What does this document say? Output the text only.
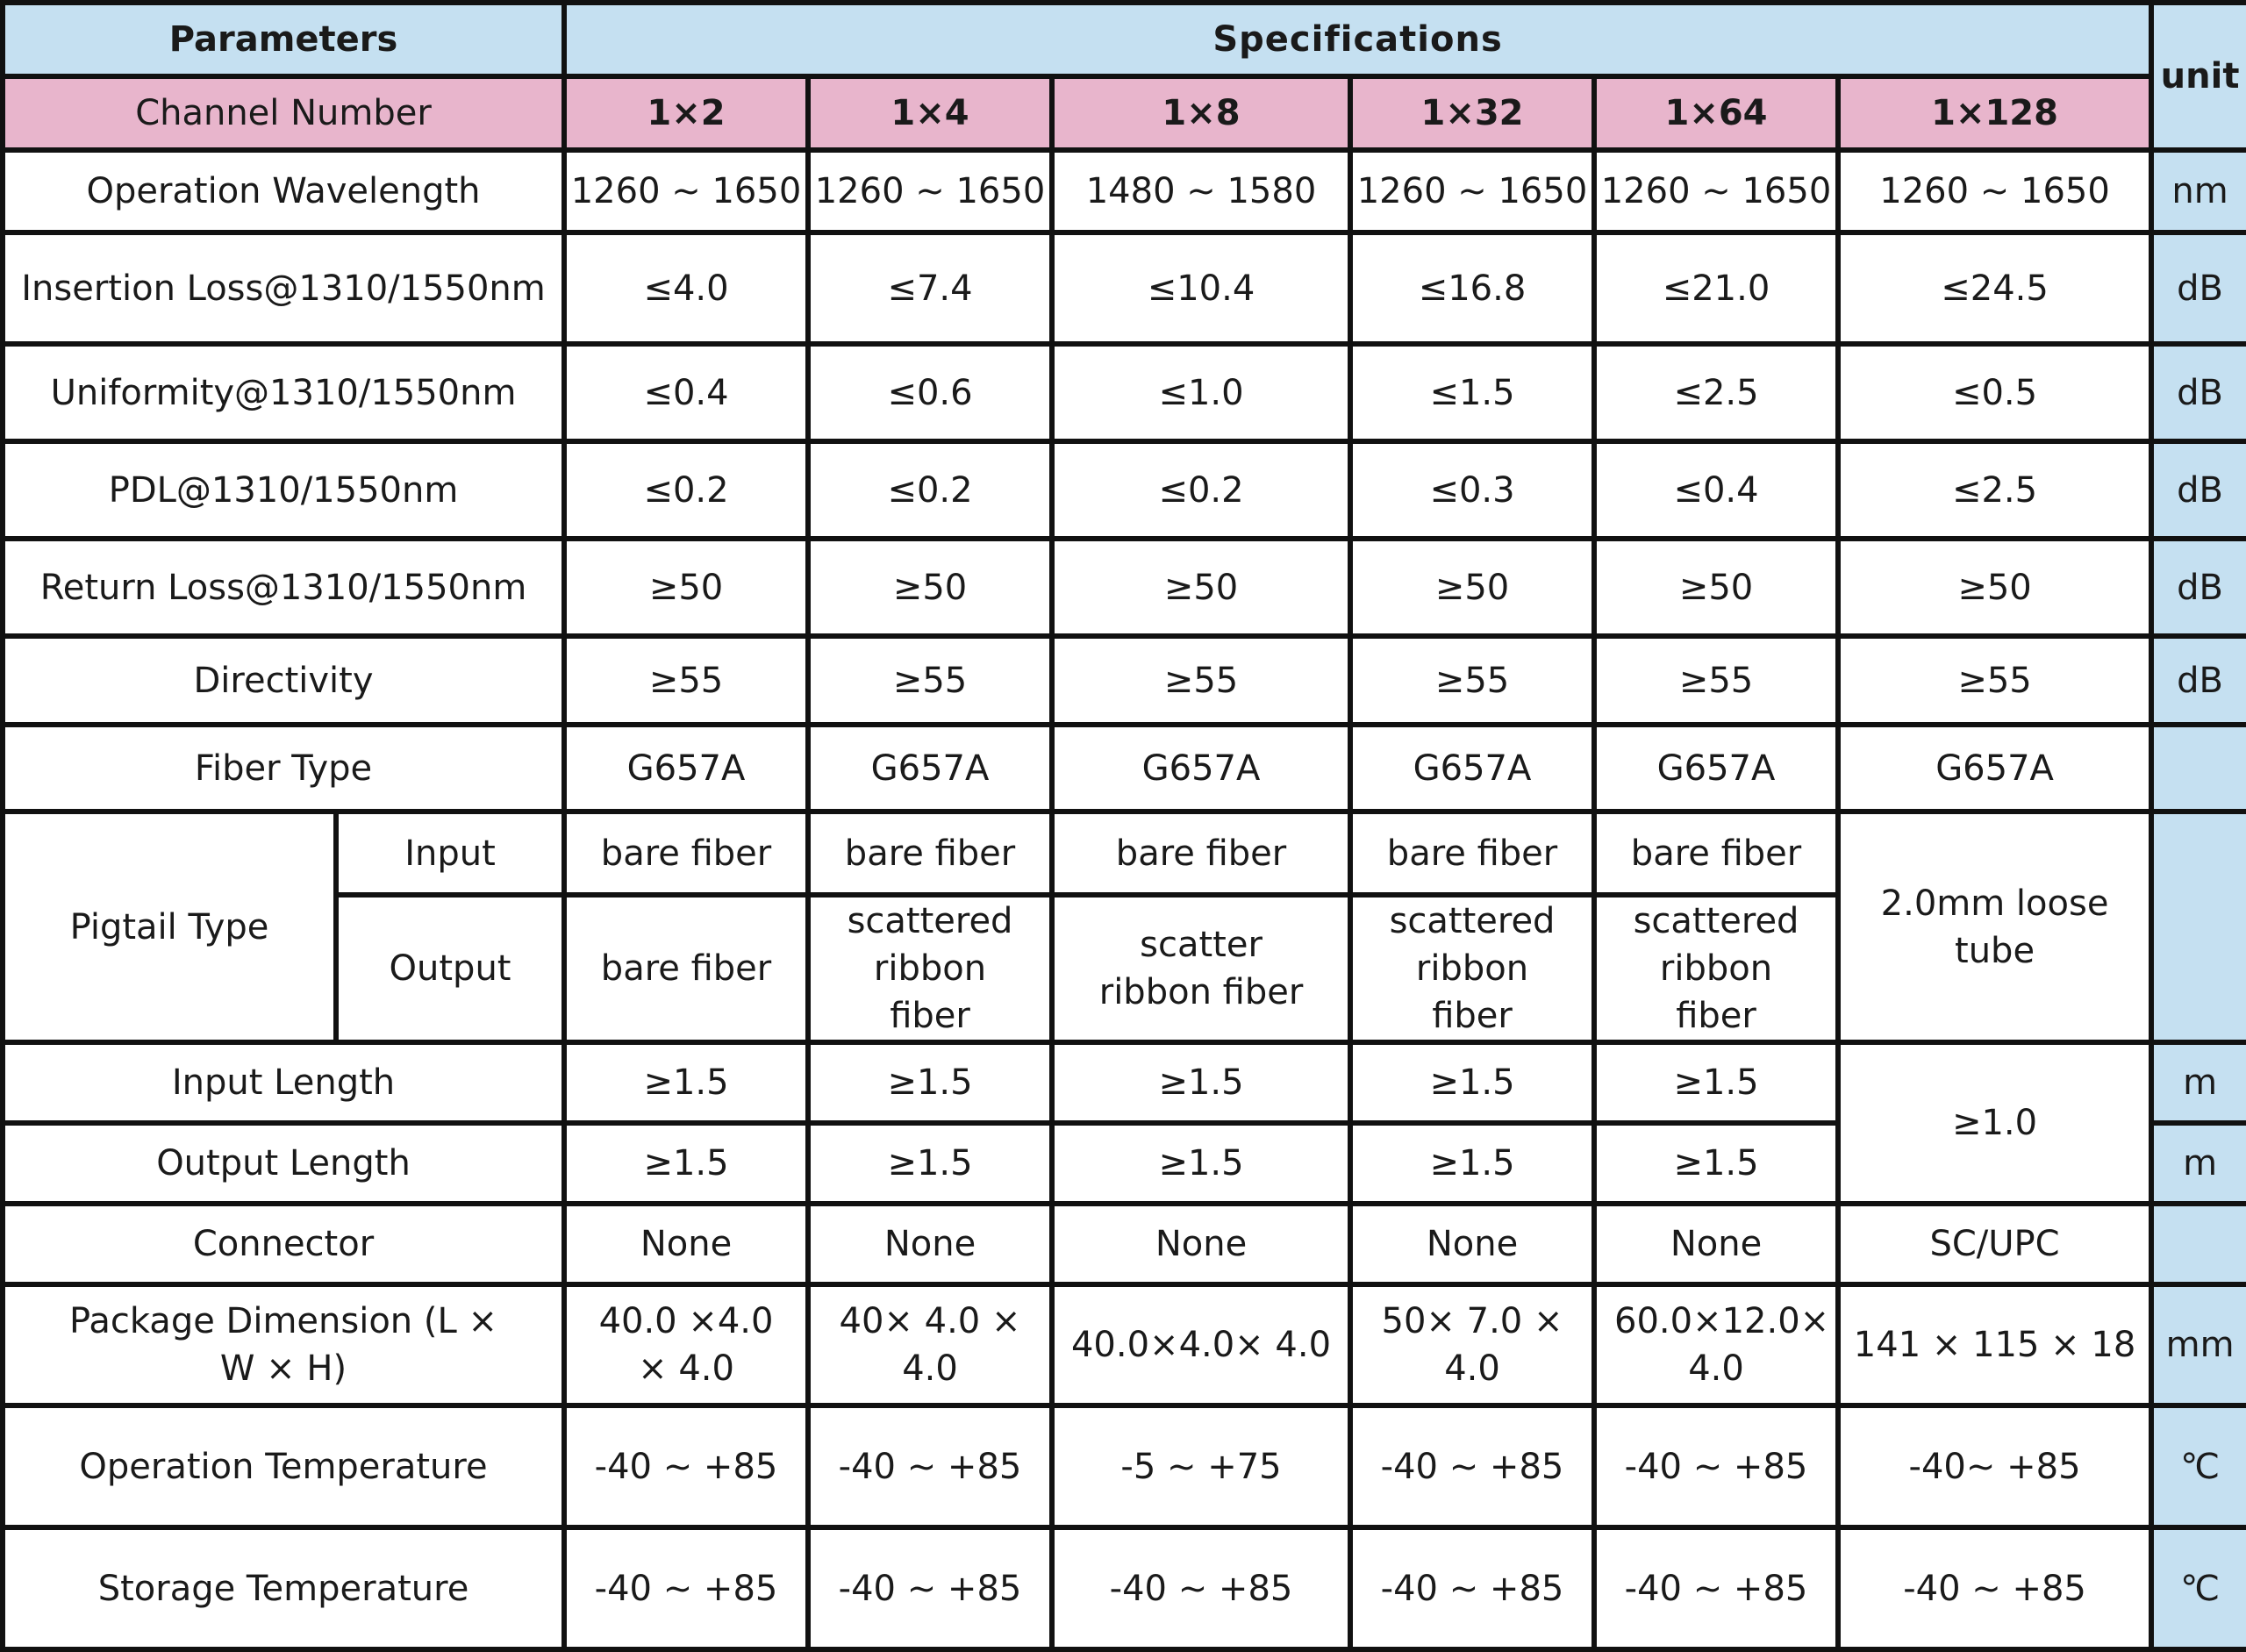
Parameters		Specifications						unit
Channel Number		1×2	1×4	1×8	1×32	1×64	1×128	
Operation Wavelength		1260 ~ 1650	1260 ~ 1650	1480 ~ 1580	1260 ~ 1650	1260 ~ 1650	1260 ~ 1650	nm
Insertion Loss@1310/1550nm		≤4.0	≤7.4	≤10.4	≤16.8	≤21.0	≤24.5	dB
Uniformity@1310/1550nm		≤0.4	≤0.6	≤1.0	≤1.5	≤2.5	≤0.5	dB
PDL@1310/1550nm		≤0.2	≤0.2	≤0.2	≤0.3	≤0.4	≤2.5	dB
Return Loss@1310/1550nm		≥50	≥50	≥50	≥50	≥50	≥50	dB
Directivity		≥55	≥55	≥55	≥55	≥55	≥55	dB
Fiber Type		G657A	G657A	G657A	G657A	G657A	G657A	
Pigtail Type	Input	bare fiber	bare fiber	bare fiber	bare fiber	bare fiber	2.0mm loose tube	
	Output	bare fiber	scattered ribbon fiber	scatter ribbon fiber	scattered ribbon fiber	scattered ribbon fiber		
Input Length		≥1.5	≥1.5	≥1.5	≥1.5	≥1.5	≥1.0	m
Output Length		≥1.5	≥1.5	≥1.5	≥1.5	≥1.5		m
Connector		None	None	None	None	None	SC/UPC	
Package Dimension (L × W × H)		40.0 ×4.0 × 4.0	40× 4.0 × 4.0	40.0×4.0× 4.0	50× 7.0 × 4.0	60.0×12.0× 4.0	141 × 115 × 18	mm
Operation Temperature		-40 ~ +85	-40 ~ +85	-5 ~ +75	-40 ~ +85	-40 ~ +85	-40~ +85	℃
Storage Temperature		-40 ~ +85	-40 ~ +85	-40 ~ +85	-40 ~ +85	-40 ~ +85	-40 ~ +85	℃
